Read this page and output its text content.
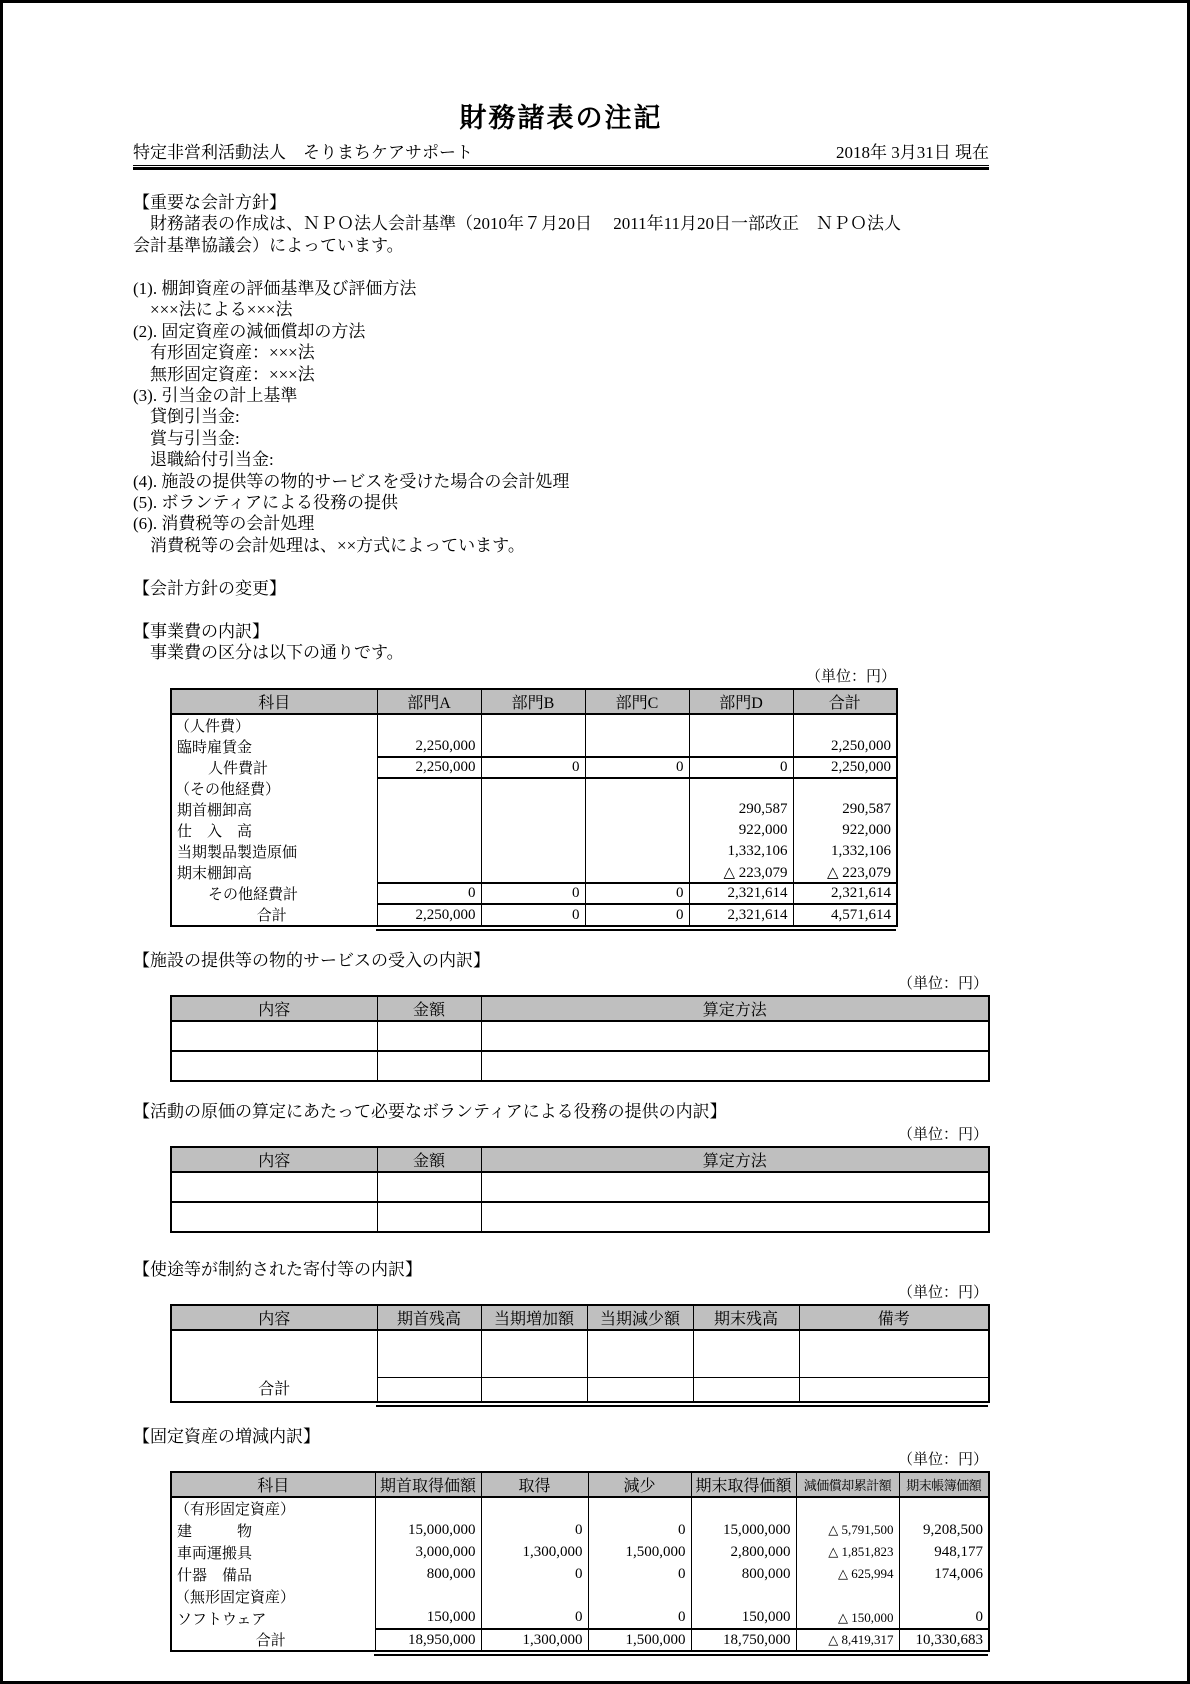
財務諸表の注記
特定非営利活動法人　そりまちケアサポート	2018年 3月31日 現在
【重要な会計方針】
　財務諸表の作成は、ＮＰＯ法人会計基準（2010年７月20日　 2011年11月20日一部改正　ＮＰＯ法人
会計基準協議会）によっています。
(1). 棚卸資産の評価基準及び評価方法
　×××法による×××法
(2). 固定資産の減価償却の方法
　有形固定資産：×××法
　無形固定資産：×××法
(3). 引当金の計上基準
　貸倒引当金:
　賞与引当金:
　退職給付引当金:
(4). 施設の提供等の物的サービスを受けた場合の会計処理
(5). ボランティアによる役務の提供
(6). 消費税等の会計処理
　消費税等の会計処理は、××方式によっています。
【会計方針の変更】
【事業費の内訳】
　事業費の区分は以下の通りです。
（単位：円）
科目	部門A	部門B	部門C	部門D	合計
（人件費）					
臨時雇賃金	2,250,000				2,250,000
人件費計	2,250,000	0	0	0	2,250,000
（その他経費）					
期首棚卸高				290,587	290,587
仕　入　高				922,000	922,000
当期製品製造原価				1,332,106	1,332,106
期末棚卸高				△ 223,079	△ 223,079
その他経費計	0	0	0	2,321,614	2,321,614
合計	2,250,000	0	0	2,321,614	4,571,614
【施設の提供等の物的サービスの受入の内訳】
（単位：円）
内容	金額	算定方法

【活動の原価の算定にあたって必要なボランティアによる役務の提供の内訳】
（単位：円）
内容	金額	算定方法

【使途等が制約された寄付等の内訳】
（単位：円）
内容	期首残高	当期増加額	当期減少額	期末残高	備考
合計					

【固定資産の増減内訳】
（単位：円）
科目	期首取得価額	取得	減少	期末取得価額	減価償却累計額	期末帳簿価額
（有形固定資産）						
建　　　物	15,000,000	0	0	15,000,000	△ 5,791,500	9,208,500
車両運搬具	3,000,000	1,300,000	1,500,000	2,800,000	△ 1,851,823	948,177
什器　備品	800,000	0	0	800,000	△ 625,994	174,006
（無形固定資産）						
ソフトウェア	150,000	0	0	150,000	△ 150,000	0
合計	18,950,000	1,300,000	1,500,000	18,750,000	△ 8,419,317	10,330,683
